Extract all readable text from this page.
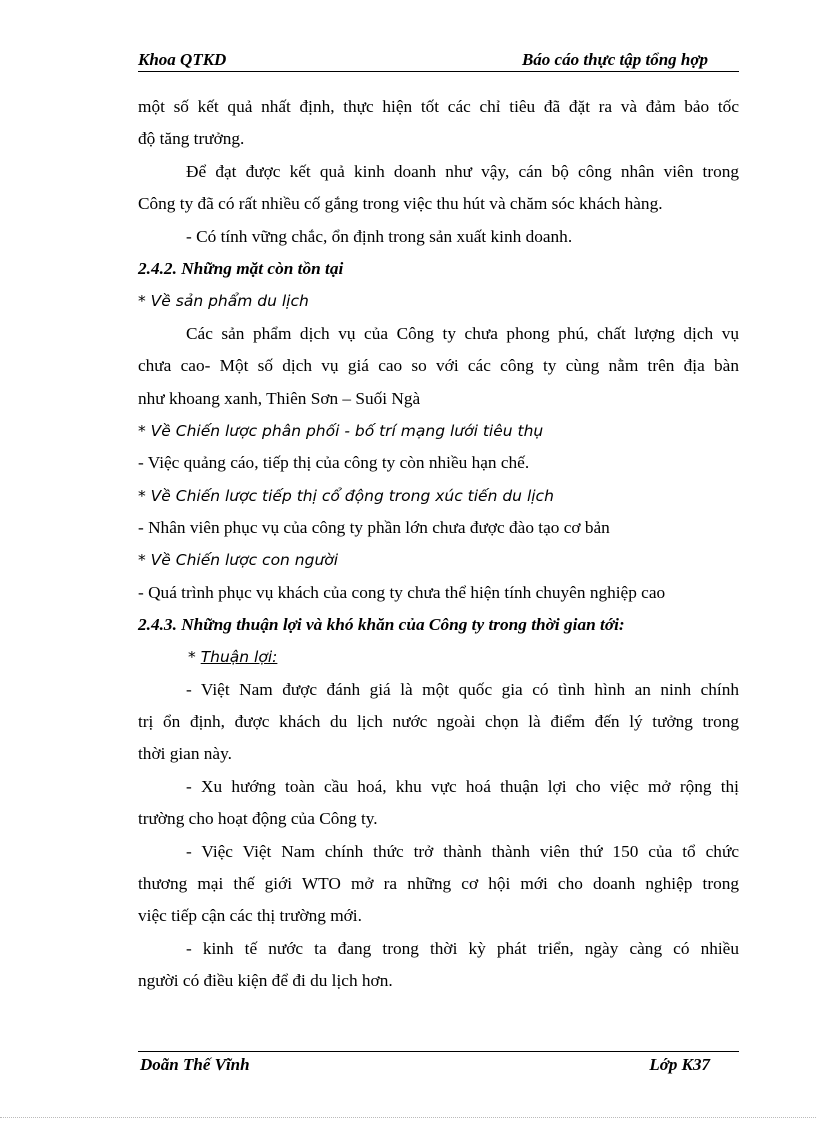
Khoa QTKD	Báo cáo thực tập tổng hợp
một số kết quả nhất định, thực hiện tốt các chỉ tiêu đã đặt ra và đảm bảo tốc
độ tăng trưởng.
Để đạt được kết quả kinh doanh như vậy, cán bộ công nhân viên trong
Công ty đã có rất nhiều cố gắng trong việc thu hút và chăm sóc khách hàng.
- Có tính vững chắc, ổn định trong sản xuất kinh doanh.
2.4.2. Những mặt còn tồn tại
* Về sản phẩm du lịch
Các sản phẩm dịch vụ của Công ty chưa phong phú, chất lượng dịch vụ
chưa cao- Một số dịch vụ giá cao so với các công ty cùng nằm trên địa bàn
như khoang xanh, Thiên Sơn – Suối Ngà
* Về Chiến lược phân phối - bố trí mạng lưới tiêu thụ
- Việc quảng cáo, tiếp thị của công ty còn nhiều hạn chế.
* Về Chiến lược tiếp thị cổ động trong xúc tiến du lịch
- Nhân viên phục vụ của công ty phần lớn chưa được đào tạo cơ bản
* Về Chiến lược con người
- Quá trình phục vụ khách của cong ty chưa thể hiện tính chuyên nghiệp cao
2.4.3. Những thuận lợi và khó khăn của Công ty trong thời gian tới:
* Thuận lợi:
- Việt Nam được đánh giá là một quốc gia có tình hình an ninh chính
trị ổn định, được khách du lịch nước ngoài chọn là điểm đến lý tưởng trong
thời gian này.
- Xu hướng toàn cầu hoá, khu vực hoá thuận lợi cho việc mở rộng thị
trường cho hoạt động của Công ty.
- Việc Việt Nam chính thức trở thành thành viên thứ 150 của tổ chức
thương mại thế giới WTO mở ra những cơ hội mới cho doanh nghiệp trong
việc tiếp cận các thị trường mới.
- kinh tế nước ta đang trong thời kỳ phát triển, ngày càng có nhiều
người có điều kiện để đi du lịch hơn.
Doãn Thế Vĩnh	Lớp K37
